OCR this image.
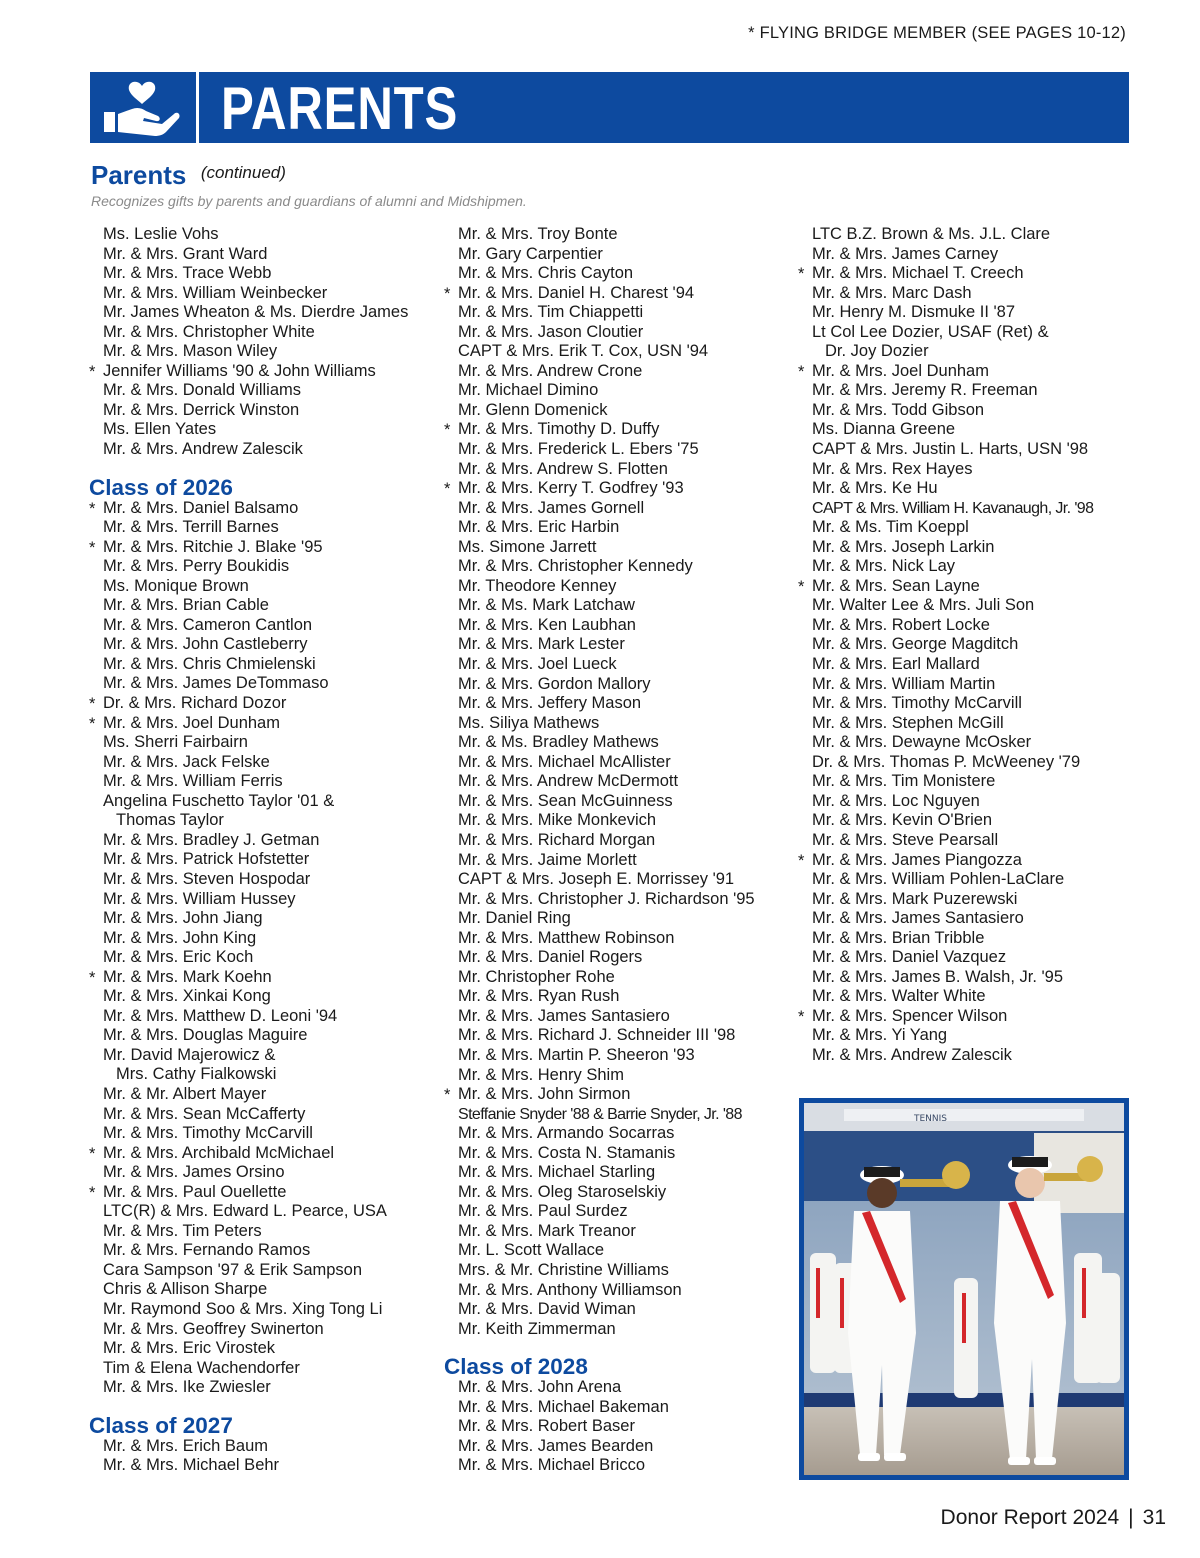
* FLYING BRIDGE MEMBER (SEE PAGES 10-12)
PARENTS
Parents (continued)
Recognizes gifts by parents and guardians of alumni and Midshipmen.
Ms. Leslie Vohs
Mr. & Mrs. Grant Ward
Mr. & Mrs. Trace Webb
Mr. & Mrs. William Weinbecker
Mr. James Wheaton & Ms. Dierdre James
Mr. & Mrs. Christopher White
Mr. & Mrs. Mason Wiley
* Jennifer Williams '90 & John Williams
Mr. & Mrs. Donald Williams
Mr. & Mrs. Derrick Winston
Ms. Ellen Yates
Mr. & Mrs. Andrew Zalescik
Class of 2026
* Mr. & Mrs. Daniel Balsamo
Mr. & Mrs. Terrill Barnes
* Mr. & Mrs. Ritchie J. Blake '95
Mr. & Mrs. Perry Boukidis
Ms. Monique Brown
Mr. & Mrs. Brian Cable
Mr. & Mrs. Cameron Cantlon
Mr. & Mrs. John Castleberry
Mr. & Mrs. Chris Chmielenski
Mr. & Mrs. James DeTommaso
* Dr. & Mrs. Richard Dozor
* Mr. & Mrs. Joel Dunham
Ms. Sherri Fairbairn
Mr. & Mrs. Jack Felske
Mr. & Mrs. William Ferris
Angelina Fuschetto Taylor '01 &
Thomas Taylor
Mr. & Mrs. Bradley J. Getman
Mr. & Mrs. Patrick Hofstetter
Mr. & Mrs. Steven Hospodar
Mr. & Mrs. William Hussey
Mr. & Mrs. John Jiang
Mr. & Mrs. John King
Mr. & Mrs. Eric Koch
* Mr. & Mrs. Mark Koehn
Mr. & Mrs. Xinkai Kong
Mr. & Mrs. Matthew D. Leoni '94
Mr. & Mrs. Douglas Maguire
Mr. David Majerowicz &
Mrs. Cathy Fialkowski
Mr. & Mr. Albert Mayer
Mr. & Mrs. Sean McCafferty
Mr. & Mrs. Timothy McCarvill
* Mr. & Mrs. Archibald McMichael
Mr. & Mrs. James Orsino
* Mr. & Mrs. Paul Ouellette
LTC(R) & Mrs. Edward L. Pearce, USA
Mr. & Mrs. Tim Peters
Mr. & Mrs. Fernando Ramos
Cara Sampson '97 & Erik Sampson
Chris & Allison Sharpe
Mr. Raymond Soo & Mrs. Xing Tong Li
Mr. & Mrs. Geoffrey Swinerton
Mr. & Mrs. Eric Virostek
Tim & Elena Wachendorfer
Mr. & Mrs. Ike Zwiesler
Class of 2027
Mr. & Mrs. Erich Baum
Mr. & Mrs. Michael Behr
Mr. & Mrs. Troy Bonte
Mr. Gary Carpentier
Mr. & Mrs. Chris Cayton
* Mr. & Mrs. Daniel H. Charest '94
Mr. & Mrs. Tim Chiappetti
Mr. & Mrs. Jason Cloutier
CAPT & Mrs. Erik T. Cox, USN '94
Mr. & Mrs. Andrew Crone
Mr. Michael Dimino
Mr. Glenn Domenick
* Mr. & Mrs. Timothy D. Duffy
Mr. & Mrs. Frederick L. Ebers '75
Mr. & Mrs. Andrew S. Flotten
* Mr. & Mrs. Kerry T. Godfrey '93
Mr. & Mrs. James Gornell
Mr. & Mrs. Eric Harbin
Ms. Simone Jarrett
Mr. & Mrs. Christopher Kennedy
Mr. Theodore Kenney
Mr. & Ms. Mark Latchaw
Mr. & Mrs. Ken Laubhan
Mr. & Mrs. Mark Lester
Mr. & Mrs. Joel Lueck
Mr. & Mrs. Gordon Mallory
Mr. & Mrs. Jeffery Mason
Ms. Siliya Mathews
Mr. & Ms. Bradley Mathews
Mr. & Mrs. Michael McAllister
Mr. & Mrs. Andrew McDermott
Mr. & Mrs. Sean McGuinness
Mr. & Mrs. Mike Monkevich
Mr. & Mrs. Richard Morgan
Mr. & Mrs. Jaime Morlett
CAPT & Mrs. Joseph E. Morrissey '91
Mr. & Mrs. Christopher J. Richardson '95
Mr. Daniel Ring
Mr. & Mrs. Matthew Robinson
Mr. & Mrs. Daniel Rogers
Mr. Christopher Rohe
Mr. & Mrs. Ryan Rush
Mr. & Mrs. James Santasiero
Mr. & Mrs. Richard J. Schneider III '98
Mr. & Mrs. Martin P. Sheeron '93
Mr. & Mrs. Henry Shim
* Mr. & Mrs. John Sirmon
Steffanie Snyder '88 & Barrie Snyder, Jr. '88
Mr. & Mrs. Armando Socarras
Mr. & Mrs. Costa N. Stamanis
Mr. & Mrs. Michael Starling
Mr. & Mrs. Oleg Staroselskiy
Mr. & Mrs. Paul Surdez
Mr. & Mrs. Mark Treanor
Mr. L. Scott Wallace
Mrs. & Mr. Christine Williams
Mr. & Mrs. Anthony Williamson
Mr. & Mrs. David Wiman
Mr. Keith Zimmerman
Class of 2028
Mr. & Mrs. John Arena
Mr. & Mrs. Michael Bakeman
Mr. & Mrs. Robert Baser
Mr. & Mrs. James Bearden
Mr. & Mrs. Michael Bricco
LTC B.Z. Brown & Ms. J.L. Clare
Mr. & Mrs. James Carney
* Mr. & Mrs. Michael T. Creech
Mr. & Mrs. Marc Dash
Mr. Henry M. Dismuke II '87
Lt Col Lee Dozier, USAF (Ret) &
Dr. Joy Dozier
* Mr. & Mrs. Joel Dunham
Mr. & Mrs. Jeremy R. Freeman
Mr. & Mrs. Todd Gibson
Ms. Dianna Greene
CAPT & Mrs. Justin L. Harts, USN '98
Mr. & Mrs. Rex Hayes
Mr. & Mrs. Ke Hu
CAPT & Mrs. William H. Kavanaugh, Jr. '98
Mr. & Ms. Tim Koeppl
Mr. & Mrs. Joseph Larkin
Mr. & Mrs. Nick Lay
* Mr. & Mrs. Sean Layne
Mr. Walter Lee & Mrs. Juli Son
Mr. & Mrs. Robert Locke
Mr. & Mrs. George Magditch
Mr. & Mrs. Earl Mallard
Mr. & Mrs. William Martin
Mr. & Mrs. Timothy McCarvill
Mr. & Mrs. Stephen McGill
Mr. & Mrs. Dewayne McOsker
Dr. & Mrs. Thomas P. McWeeney '79
Mr. & Mrs. Tim Monistere
Mr. & Mrs. Loc Nguyen
Mr. & Mrs. Kevin O'Brien
Mr. & Mrs. Steve Pearsall
* Mr. & Mrs. James Piangozza
Mr. & Mrs. William Pohlen-LaClare
Mr. & Mrs. Mark Puzerewski
Mr. & Mrs. James Santasiero
Mr. & Mrs. Brian Tribble
Mr. & Mrs. Daniel Vazquez
Mr. & Mrs. James B. Walsh, Jr. '95
Mr. & Mrs. Walter White
* Mr. & Mrs. Spencer Wilson
Mr. & Mrs. Yi Yang
Mr. & Mrs. Andrew Zalescik
TENNIS
Donor Report 2024 | 31
